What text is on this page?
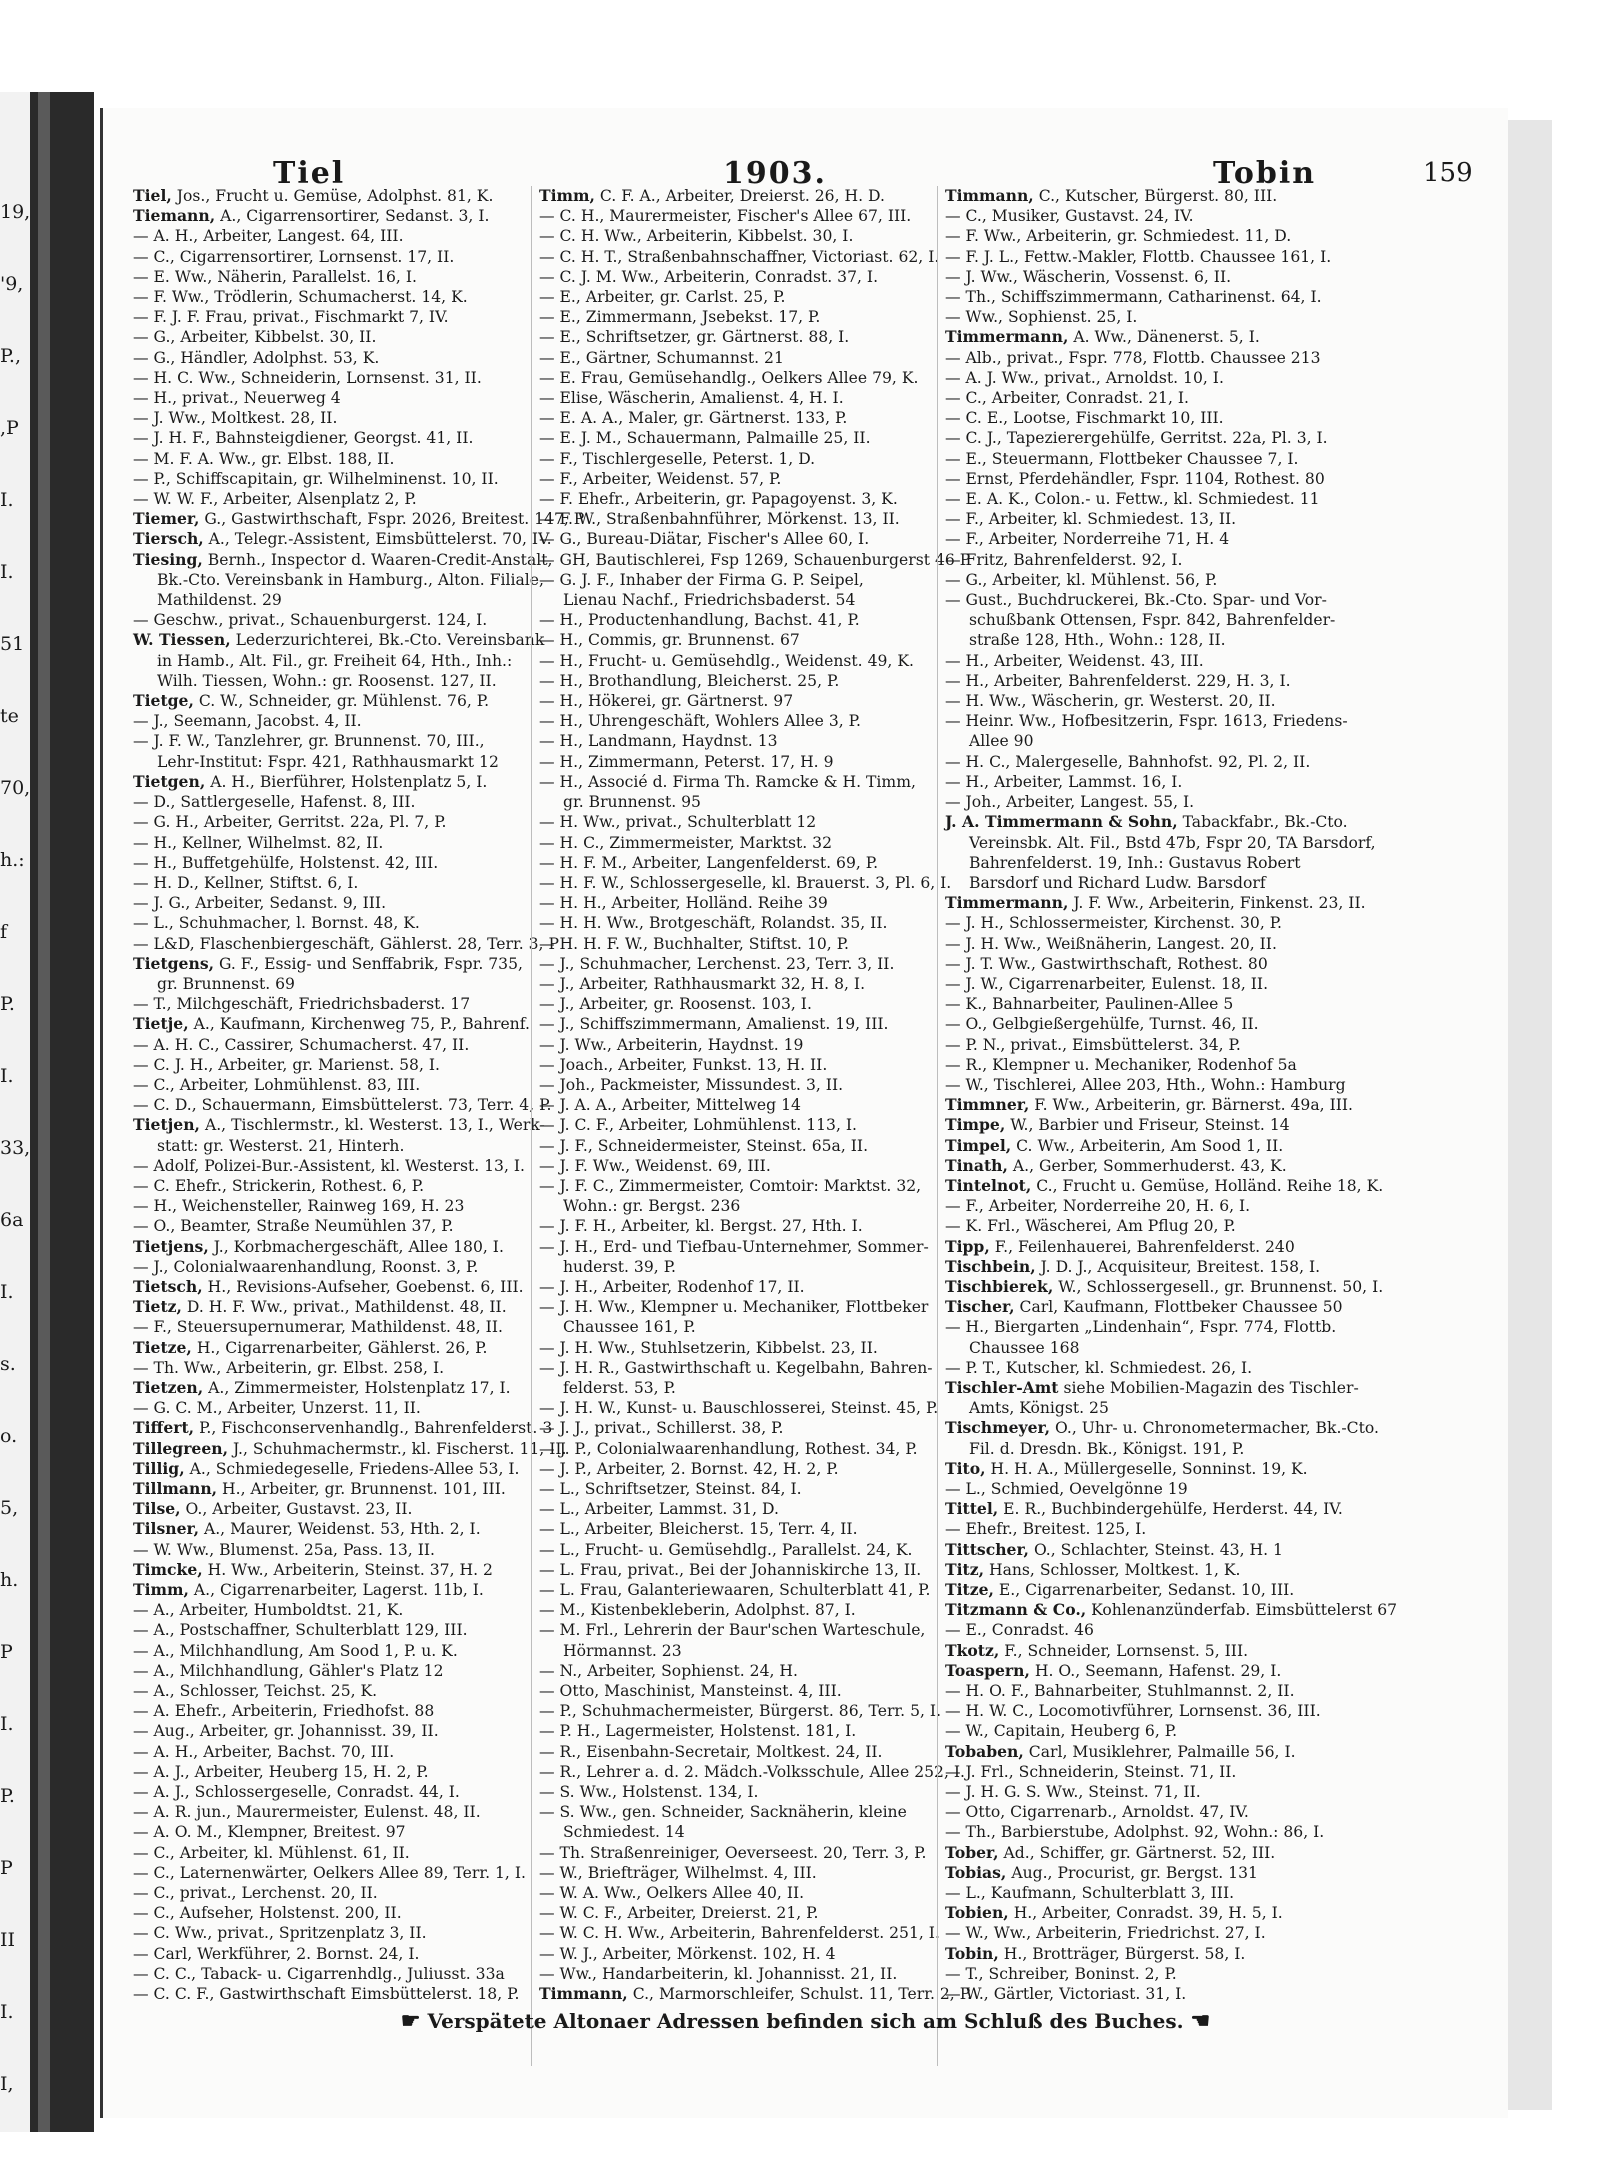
19,
'9,
P.,
,P
I.
I.
51
te
70,
h.:
f
P.
I.
33,
6a
I.
s.
o.
5,
h.
P
I.
P.
P
II
I.
I,
Tiel	1903.	Tobin	159
Tiel, Jos., Frucht u. Gemüse, Adolphst. 81, K.
Tiemann, A., Cigarrensortirer, Sedanst. 3, I.
— A. H., Arbeiter, Langest. 64, III.
— C., Cigarrensortirer, Lornsenst. 17, II.
— E. Ww., Näherin, Parallelst. 16, I.
— F. Ww., Trödlerin, Schumacherst. 14, K.
— F. J. F. Frau, privat., Fischmarkt 7, IV.
— G., Arbeiter, Kibbelst. 30, II.
— G., Händler, Adolphst. 53, K.
— H. C. Ww., Schneiderin, Lornsenst. 31, II.
— H., privat., Neuerweg 4
— J. Ww., Moltkest. 28, II.
— J. H. F., Bahnsteigdiener, Georgst. 41, II.
— M. F. A. Ww., gr. Elbst. 188, II.
— P., Schiffscapitain, gr. Wilhelminenst. 10, II.
— W. W. F., Arbeiter, Alsenplatz 2, P.
Tiemer, G., Gastwirthschaft, Fspr. 2026, Breitest. 147, P
Tiersch, A., Telegr.-Assistent, Eimsbüttelerst. 70, IV.
Tiesing, Bernh., Inspector d. Waaren-Credit-Anstalt,
Bk.-Cto. Vereinsbank in Hamburg., Alton. Filiale,
Mathildenst. 29
— Geschw., privat., Schauenburgerst. 124, I.
W. Tiessen, Lederzurichterei, Bk.-Cto. Vereinsbank
in Hamb., Alt. Fil., gr. Freiheit 64, Hth., Inh.:
Wilh. Tiessen, Wohn.: gr. Roosenst. 127, II.
Tietge, C. W., Schneider, gr. Mühlenst. 76, P.
— J., Seemann, Jacobst. 4, II.
— J. F. W., Tanzlehrer, gr. Brunnenst. 70, III.,
Lehr-Institut: Fspr. 421, Rathhausmarkt 12
Tietgen, A. H., Bierführer, Holstenplatz 5, I.
— D., Sattlergeselle, Hafenst. 8, III.
— G. H., Arbeiter, Gerritst. 22a, Pl. 7, P.
— H., Kellner, Wilhelmst. 82, II.
— H., Buffetgehülfe, Holstenst. 42, III.
— H. D., Kellner, Stiftst. 6, I.
— J. G., Arbeiter, Sedanst. 9, III.
— L., Schuhmacher, l. Bornst. 48, K.
— L&D, Flaschenbiergeschäft, Gählerst. 28, Terr. 3, P
Tietgens, G. F., Essig- und Senffabrik, Fspr. 735,
gr. Brunnenst. 69
— T., Milchgeschäft, Friedrichsbaderst. 17
Tietje, A., Kaufmann, Kirchenweg 75, P., Bahrenf.
— A. H. C., Cassirer, Schumacherst. 47, II.
— C. J. H., Arbeiter, gr. Marienst. 58, I.
— C., Arbeiter, Lohmühlenst. 83, III.
— C. D., Schauermann, Eimsbüttelerst. 73, Terr. 4, P.
Tietjen, A., Tischlermstr., kl. Westerst. 13, I., Werk-
statt: gr. Westerst. 21, Hinterh.
— Adolf, Polizei-Bur.-Assistent, kl. Westerst. 13, I.
— C. Ehefr., Strickerin, Rothest. 6, P.
— H., Weichensteller, Rainweg 169, H. 23
— O., Beamter, Straße Neumühlen 37, P.
Tietjens, J., Korbmachergeschäft, Allee 180, I.
— J., Colonialwaarenhandlung, Roonst. 3, P.
Tietsch, H., Revisions-Aufseher, Goebenst. 6, III.
Tietz, D. H. F. Ww., privat., Mathildenst. 48, II.
— F., Steuersupernumerar, Mathildenst. 48, II.
Tietze, H., Cigarrenarbeiter, Gählerst. 26, P.
— Th. Ww., Arbeiterin, gr. Elbst. 258, I.
Tietzen, A., Zimmermeister, Holstenplatz 17, I.
— G. C. M., Arbeiter, Unzerst. 11, II.
Tiffert, P., Fischconservenhandlg., Bahrenfelderst. 3
Tillegreen, J., Schuhmachermstr., kl. Fischerst. 11, II.
Tillig, A., Schmiedegeselle, Friedens-Allee 53, I.
Tillmann, H., Arbeiter, gr. Brunnenst. 101, III.
Tilse, O., Arbeiter, Gustavst. 23, II.
Tilsner, A., Maurer, Weidenst. 53, Hth. 2, I.
— W. Ww., Blumenst. 25a, Pass. 13, II.
Timcke, H. Ww., Arbeiterin, Steinst. 37, H. 2
Timm, A., Cigarrenarbeiter, Lagerst. 11b, I.
— A., Arbeiter, Humboldtst. 21, K.
— A., Postschaffner, Schulterblatt 129, III.
— A., Milchhandlung, Am Sood 1, P. u. K.
— A., Milchhandlung, Gähler's Platz 12
— A., Schlosser, Teichst. 25, K.
— A. Ehefr., Arbeiterin, Friedhofst. 88
— Aug., Arbeiter, gr. Johannisst. 39, II.
— A. H., Arbeiter, Bachst. 70, III.
— A. J., Arbeiter, Heuberg 15, H. 2, P.
— A. J., Schlossergeselle, Conradst. 44, I.
— A. R. jun., Maurermeister, Eulenst. 48, II.
— A. O. M., Klempner, Breitest. 97
— C., Arbeiter, kl. Mühlenst. 61, II.
— C., Laternenwärter, Oelkers Allee 89, Terr. 1, I.
— C., privat., Lerchenst. 20, II.
— C., Aufseher, Holstenst. 200, II.
— C. Ww., privat., Spritzenplatz 3, II.
— Carl, Werkführer, 2. Bornst. 24, I.
— C. C., Taback- u. Cigarrenhdlg., Juliusst. 33a
— C. C. F., Gastwirthschaft Eimsbüttelerst. 18, P.
Timm, C. F. A., Arbeiter, Dreierst. 26, H. D.
— C. H., Maurermeister, Fischer's Allee 67, III.
— C. H. Ww., Arbeiterin, Kibbelst. 30, I.
— C. H. T., Straßenbahnschaffner, Victoriast. 62, I.
— C. J. M. Ww., Arbeiterin, Conradst. 37, I.
— E., Arbeiter, gr. Carlst. 25, P.
— E., Zimmermann, Jsebekst. 17, P.
— E., Schriftsetzer, gr. Gärtnerst. 88, I.
— E., Gärtner, Schumannst. 21
— E. Frau, Gemüsehandlg., Oelkers Allee 79, K.
— Elise, Wäscherin, Amalienst. 4, H. I.
— E. A. A., Maler, gr. Gärtnerst. 133, P.
— E. J. M., Schauermann, Palmaille 25, II.
— F., Tischlergeselle, Peterst. 1, D.
— F., Arbeiter, Weidenst. 57, P.
— F. Ehefr., Arbeiterin, gr. Papagoyenst. 3, K.
— F. W., Straßenbahnführer, Mörkenst. 13, II.
— G., Bureau-Diätar, Fischer's Allee 60, I.
— GH, Bautischlerei, Fsp 1269, Schauenburgerst 46 P
— G. J. F., Inhaber der Firma G. P. Seipel,
Lienau Nachf., Friedrichsbaderst. 54
— H., Productenhandlung, Bachst. 41, P.
— H., Commis, gr. Brunnenst. 67
— H., Frucht- u. Gemüsehdlg., Weidenst. 49, K.
— H., Brothandlung, Bleicherst. 25, P.
— H., Hökerei, gr. Gärtnerst. 97
— H., Uhrengeschäft, Wohlers Allee 3, P.
— H., Landmann, Haydnst. 13
— H., Zimmermann, Peterst. 17, H. 9
— H., Associé d. Firma Th. Ramcke & H. Timm,
gr. Brunnenst. 95
— H. Ww., privat., Schulterblatt 12
— H. C., Zimmermeister, Marktst. 32
— H. F. M., Arbeiter, Langenfelderst. 69, P.
— H. F. W., Schlossergeselle, kl. Brauerst. 3, Pl. 6, I.
— H. H., Arbeiter, Holländ. Reihe 39
— H. H. Ww., Brotgeschäft, Rolandst. 35, II.
— H. H. F. W., Buchhalter, Stiftst. 10, P.
— J., Schuhmacher, Lerchenst. 23, Terr. 3, II.
— J., Arbeiter, Rathhausmarkt 32, H. 8, I.
— J., Arbeiter, gr. Roosenst. 103, I.
— J., Schiffszimmermann, Amalienst. 19, III.
— J. Ww., Arbeiterin, Haydnst. 19
— Joach., Arbeiter, Funkst. 13, H. II.
— Joh., Packmeister, Missundest. 3, II.
— J. A. A., Arbeiter, Mittelweg 14
— J. C. F., Arbeiter, Lohmühlenst. 113, I.
— J. F., Schneidermeister, Steinst. 65a, II.
— J. F. Ww., Weidenst. 69, III.
— J. F. C., Zimmermeister, Comtoir: Marktst. 32,
Wohn.: gr. Bergst. 236
— J. F. H., Arbeiter, kl. Bergst. 27, Hth. I.
— J. H., Erd- und Tiefbau-Unternehmer, Sommer-
huderst. 39, P.
— J. H., Arbeiter, Rodenhof 17, II.
— J. H. Ww., Klempner u. Mechaniker, Flottbeker
Chaussee 161, P.
— J. H. Ww., Stuhlsetzerin, Kibbelst. 23, II.
— J. H. R., Gastwirthschaft u. Kegelbahn, Bahren-
felderst. 53, P.
— J. H. W., Kunst- u. Bauschlosserei, Steinst. 45, P.
— J. J., privat., Schillerst. 38, P.
— J. P., Colonialwaarenhandlung, Rothest. 34, P.
— J. P., Arbeiter, 2. Bornst. 42, H. 2, P.
— L., Schriftsetzer, Steinst. 84, I.
— L., Arbeiter, Lammst. 31, D.
— L., Arbeiter, Bleicherst. 15, Terr. 4, II.
— L., Frucht- u. Gemüsehdlg., Parallelst. 24, K.
— L. Frau, privat., Bei der Johanniskirche 13, II.
— L. Frau, Galanteriewaaren, Schulterblatt 41, P.
— M., Kistenbekleberin, Adolphst. 87, I.
— M. Frl., Lehrerin der Baur'schen Warteschule,
Hörmannst. 23
— N., Arbeiter, Sophienst. 24, H.
— Otto, Maschinist, Mansteinst. 4, III.
— P., Schuhmachermeister, Bürgerst. 86, Terr. 5, I.
— P. H., Lagermeister, Holstenst. 181, I.
— R., Eisenbahn-Secretair, Moltkest. 24, II.
— R., Lehrer a. d. 2. Mädch.-Volksschule, Allee 252, I.
— S. Ww., Holstenst. 134, I.
— S. Ww., gen. Schneider, Sacknäherin, kleine
Schmiedest. 14
— Th. Straßenreiniger, Oeverseest. 20, Terr. 3, P.
— W., Briefträger, Wilhelmst. 4, III.
— W. A. Ww., Oelkers Allee 40, II.
— W. C. F., Arbeiter, Dreierst. 21, P.
— W. C. H. Ww., Arbeiterin, Bahrenfelderst. 251, I.
— W. J., Arbeiter, Mörkenst. 102, H. 4
— Ww., Handarbeiterin, kl. Johannisst. 21, II.
Timmann, C., Marmorschleifer, Schulst. 11, Terr. 2, P.
Timmann, C., Kutscher, Bürgerst. 80, III.
— C., Musiker, Gustavst. 24, IV.
— F. Ww., Arbeiterin, gr. Schmiedest. 11, D.
— F. J. L., Fettw.-Makler, Flottb. Chaussee 161, I.
— J. Ww., Wäscherin, Vossenst. 6, II.
— Th., Schiffszimmermann, Catharinenst. 64, I.
— Ww., Sophienst. 25, I.
Timmermann, A. Ww., Dänenerst. 5, I.
— Alb., privat., Fspr. 778, Flottb. Chaussee 213
— A. J. Ww., privat., Arnoldst. 10, I.
— C., Arbeiter, Conradst. 21, I.
— C. E., Lootse, Fischmarkt 10, III.
— C. J., Tapezierergehülfe, Gerritst. 22a, Pl. 3, I.
— E., Steuermann, Flottbeker Chaussee 7, I.
— Ernst, Pferdehändler, Fspr. 1104, Rothest. 80
— E. A. K., Colon.- u. Fettw., kl. Schmiedest. 11
— F., Arbeiter, kl. Schmiedest. 13, II.
— F., Arbeiter, Norderreihe 71, H. 4
— Fritz, Bahrenfelderst. 92, I.
— G., Arbeiter, kl. Mühlenst. 56, P.
— Gust., Buchdruckerei, Bk.-Cto. Spar- und Vor-
schußbank Ottensen, Fspr. 842, Bahrenfelder-
straße 128, Hth., Wohn.: 128, II.
— H., Arbeiter, Weidenst. 43, III.
— H., Arbeiter, Bahrenfelderst. 229, H. 3, I.
— H. Ww., Wäscherin, gr. Westerst. 20, II.
— Heinr. Ww., Hofbesitzerin, Fspr. 1613, Friedens-
Allee 90
— H. C., Malergeselle, Bahnhofst. 92, Pl. 2, II.
— H., Arbeiter, Lammst. 16, I.
— Joh., Arbeiter, Langest. 55, I.
J. A. Timmermann & Sohn, Tabackfabr., Bk.-Cto.
Vereinsbk. Alt. Fil., Bstd 47b, Fspr 20, TA Barsdorf,
Bahrenfelderst. 19, Inh.: Gustavus Robert
Barsdorf und Richard Ludw. Barsdorf
Timmermann, J. F. Ww., Arbeiterin, Finkenst. 23, II.
— J. H., Schlossermeister, Kirchenst. 30, P.
— J. H. Ww., Weißnäherin, Langest. 20, II.
— J. T. Ww., Gastwirthschaft, Rothest. 80
— J. W., Cigarrenarbeiter, Eulenst. 18, II.
— K., Bahnarbeiter, Paulinen-Allee 5
— O., Gelbgießergehülfe, Turnst. 46, II.
— P. N., privat., Eimsbüttelerst. 34, P.
— R., Klempner u. Mechaniker, Rodenhof 5a
— W., Tischlerei, Allee 203, Hth., Wohn.: Hamburg
Timmner, F. Ww., Arbeiterin, gr. Bärnerst. 49a, III.
Timpe, W., Barbier und Friseur, Steinst. 14
Timpel, C. Ww., Arbeiterin, Am Sood 1, II.
Tinath, A., Gerber, Sommerhuderst. 43, K.
Tintelnot, C., Frucht u. Gemüse, Holländ. Reihe 18, K.
— F., Arbeiter, Norderreihe 20, H. 6, I.
— K. Frl., Wäscherei, Am Pflug 20, P.
Tipp, F., Feilenhauerei, Bahrenfelderst. 240
Tischbein, J. D. J., Acquisiteur, Breitest. 158, I.
Tischbierek, W., Schlossergesell., gr. Brunnenst. 50, I.
Tischer, Carl, Kaufmann, Flottbeker Chaussee 50
— H., Biergarten „Lindenhain“, Fspr. 774, Flottb.
Chaussee 168
— P. T., Kutscher, kl. Schmiedest. 26, I.
Tischler-Amt siehe Mobilien-Magazin des Tischler-
Amts, Königst. 25
Tischmeyer, O., Uhr- u. Chronometermacher, Bk.-Cto.
Fil. d. Dresdn. Bk., Königst. 191, P.
Tito, H. H. A., Müllergeselle, Sonninst. 19, K.
— L., Schmied, Oevelgönne 19
Tittel, E. R., Buchbindergehülfe, Herderst. 44, IV.
— Ehefr., Breitest. 125, I.
Tittscher, O., Schlachter, Steinst. 43, H. 1
Titz, Hans, Schlosser, Moltkest. 1, K.
Titze, E., Cigarrenarbeiter, Sedanst. 10, III.
Titzmann & Co., Kohlenanzünderfab. Eimsbüttelerst 67
— E., Conradst. 46
Tkotz, F., Schneider, Lornsenst. 5, III.
Toaspern, H. O., Seemann, Hafenst. 29, I.
— H. O. F., Bahnarbeiter, Stuhlmannst. 2, II.
— H. W. C., Locomotivführer, Lornsenst. 36, III.
— W., Capitain, Heuberg 6, P.
Tobaben, Carl, Musiklehrer, Palmaille 56, I.
— J. Frl., Schneiderin, Steinst. 71, II.
— J. H. G. S. Ww., Steinst. 71, II.
— Otto, Cigarrenarb., Arnoldst. 47, IV.
— Th., Barbierstube, Adolphst. 92, Wohn.: 86, I.
Tober, Ad., Schiffer, gr. Gärtnerst. 52, III.
Tobias, Aug., Procurist, gr. Bergst. 131
— L., Kaufmann, Schulterblatt 3, III.
Tobien, H., Arbeiter, Conradst. 39, H. 5, I.
— W., Ww., Arbeiterin, Friedrichst. 27, I.
Tobin, H., Brotträger, Bürgerst. 58, I.
— T., Schreiber, Boninst. 2, P.
— W., Gärtler, Victoriast. 31, I.
☛ Verspätete Altonaer Adressen befinden sich am Schluß des Buches. ☚
